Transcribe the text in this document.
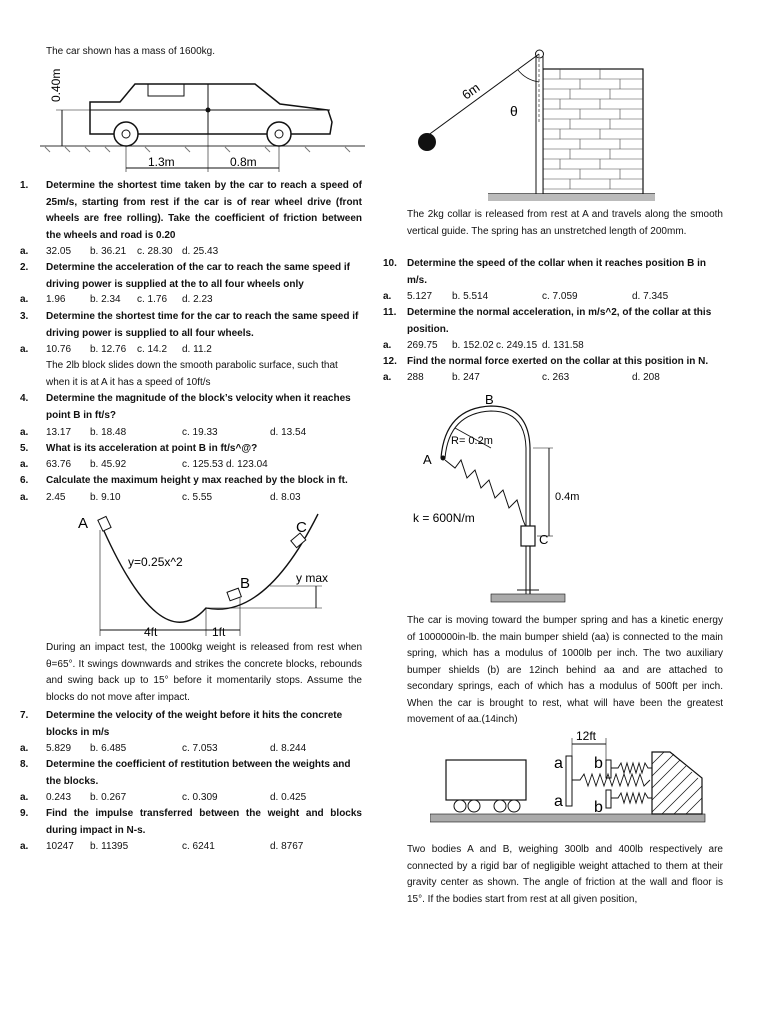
The car shown has a mass of 1600kg.
0.40m
1.3m	0.8m
1. Determine the shortest time taken by the car to reach a speed of 25m/s, starting from rest if the car is of rear wheel drive (front wheels are free rolling). Take the coefficient of friction between the wheels and road is 0.20
a. 32.05 b. 36.21 c. 28.30 d. 25.43
2. Determine the acceleration of the car to reach the same speed if driving power is supplied at the to all four wheels only
a. 1.96 b. 2.34 c. 1.76 d. 2.23
3. Determine the shortest time for the car to reach the same speed if driving power is supplied to all four wheels.
a. 10.76 b. 12.76 c. 14.2 d. 11.2
The 2lb block slides down the smooth parabolic surface, such that when it is at A it has a speed of 10ft/s
4. Determine the magnitude of the block’s velocity when it reaches point B in ft/s?
a. 13.17 b. 18.48	c. 19.33	d. 13.54
5. What is its acceleration at point B in ft/s^@?
a. 63.76 b. 45.92	c. 125.53 d. 123.04
6. Calculate the maximum height y max reached by the block in ft.
a. 2.45 b. 9.10	c. 5.55	d. 8.03
A
B
C
y=0.25x^2
y max
4ft	1ft
During an impact test, the 1000kg weight is released from rest when θ=65°. It swings downwards and strikes the concrete blocks, rebounds and swing back up to 15° before it momentarily stops. Assume the blocks do not move after impact.
7. Determine the velocity of the weight before it hits the concrete blocks in m/s
a. 5.829 b. 6.485	c. 7.053	d. 8.244
8. Determine the coefficient of restitution between the weights and the blocks.
a. 0.243 b. 0.267	c. 0.309	d. 0.425
9. Find the impulse transferred between the weight and blocks during impact in N-s.
a. 10247 b. 11395	c. 6241	d. 8767
6m
θ
The 2kg collar is released from rest at A and travels along the smooth vertical guide. The spring has an unstretched length of 200mm.
10. Determine the speed of the collar when it reaches position B in m/s.
a. 5.127 b. 5.514	c. 7.059	d. 7.345
11. Determine the normal acceleration, in m/s^2, of the collar at this position.
a. 269.75 b. 152.02 c. 249.15 d. 131.58
12. Find the normal force exerted on the collar at this position in N.
a. 288	b. 247	c. 263	d. 208
R= 0.2m
B
A
C
0.4m
k = 600N/m
The car is moving toward the bumper spring and has a kinetic energy of 1000000in-lb. the main bumper shield (aa) is connected to the main spring, which has a modulus of 1000lb per inch. The two auxiliary bumper shields (b) are 12inch behind aa and are attached to secondary springs, each of which has a modulus of 500ft per inch. When the car is brought to rest, what will have been the greatest movement of aa.(14inch)
a
a
12ft
b
b
Two bodies A and B, weighing 300lb and 400lb respectively are connected by a rigid bar of negligible weight attached to them at their gravity center as shown. The angle of friction at the wall and floor is 15°. If the bodies start from rest at all given position,
